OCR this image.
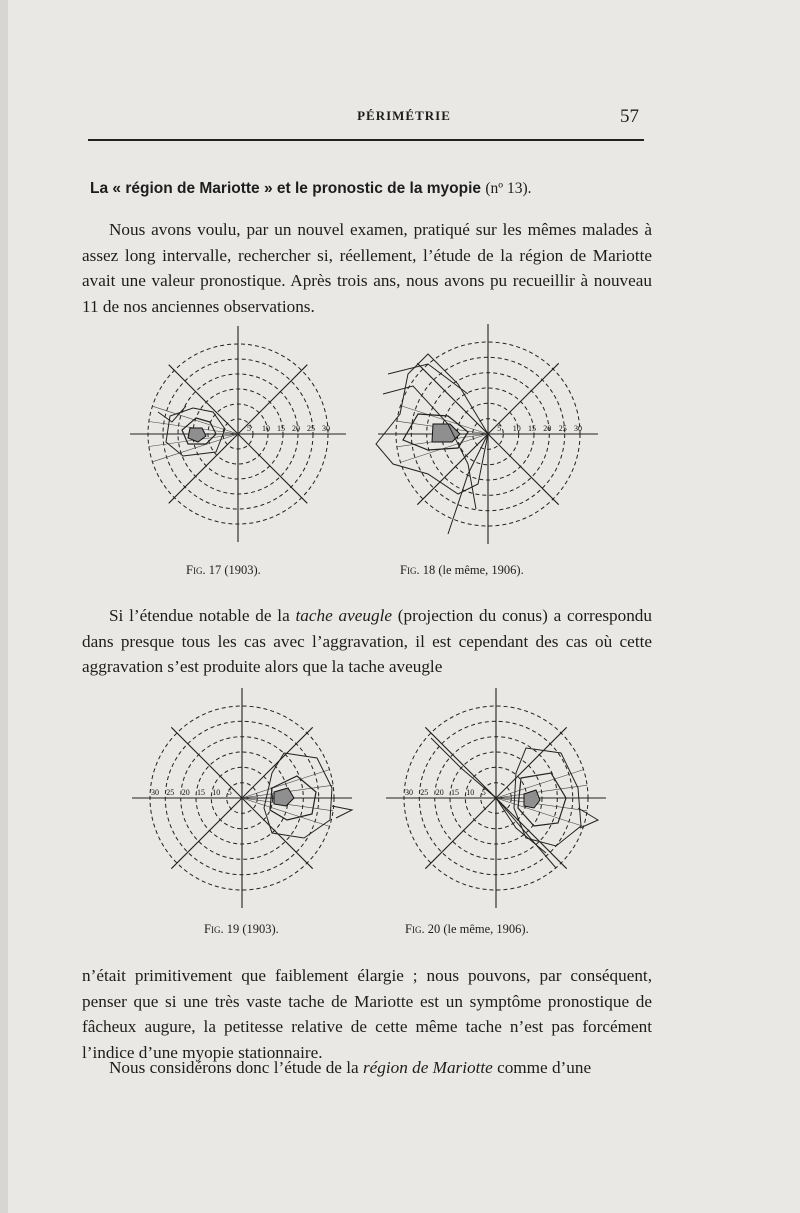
PÉRIMÉTRIE	57
La « région de Mariotte » et le pronostic de la myopie (nº 13).
Nous avons voulu, par un nouvel examen, pratiqué sur les mêmes malades à assez long intervalle, rechercher si, réellement, l’étude de la région de Mariotte avait une valeur pronostique. Après trois ans, nous avons pu recueillir à nouveau 11 de nos anciennes observations.
5 10 15 20 25 30
Fig. 17 (1903).
5 10 15 20 25 30
Fig. 18 (le même, 1906).
Si l’étendue notable de la tache aveugle (projection du conus) a correspondu dans presque tous les cas avec l’aggravation, il est cependant des cas où cette aggravation s’est produite alors que la tache aveugle
30 25 20 15 10 5
Fig. 19 (1903).
30 25 20 15 10 5
Fig. 20 (le même, 1906).
n’était primitivement que faiblement élargie ; nous pouvons, par conséquent, penser que si une très vaste tache de Mariotte est un symptôme pronostique de fâcheux augure, la petitesse relative de cette même tache n’est pas forcément l’indice d’une myopie stationnaire.
Nous considérons donc l’étude de la région de Mariotte comme d’une
